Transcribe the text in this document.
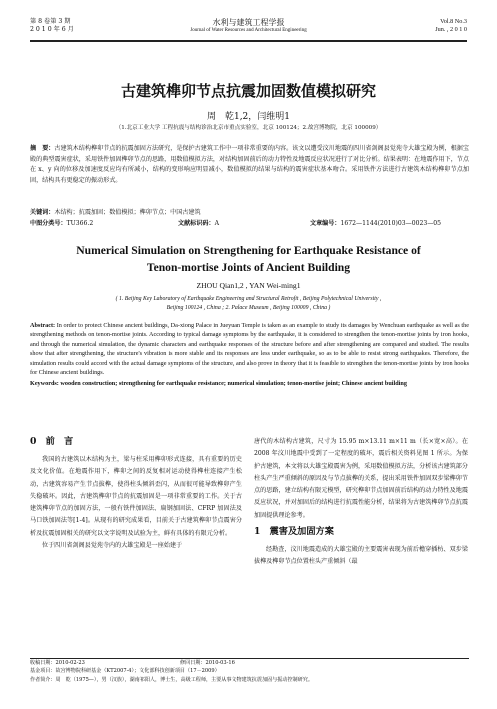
第 8 卷第 3 期
2 0 1 0 年 6 月
水利与建筑工程学报
Journal of Water Resources and Architectural Engineering
Vol.8 No.3
Jun. , 2 0 1 0
古建筑榫卯节点抗震加固数值模拟研究
周　乾1,2，闫维明1
（1.北京工业大学 工程抗震与结构诊治北京市重点实验室，北京 100124；2.故宫博物院，北京 100009）
摘　要：古建筑木结构榫卯节点的抗震加固方法研究，是保护古建筑工作中一项非常重要的内容。该文以遭受汶川地震的四川省剑阁县觉苑寺大雄宝殿为例，根据宝殿的典型震害症状，采用铁件加固榫卯节点的思路，用数值模拟方法，对结构加固前后的动力特性及地震反应状况进行了对比分析。结果表明：在地震作用下，节点在 x、y 向的位移及加速度反应均有所减小，结构的变形响应明显减小，数值模拟的结果与结构的震害症状基本吻合。采用铁件方法进行古建筑木结构榫卯节点加固，结构具有更稳定的振动形式。
关键词：木结构；抗震加固；数值模拟；榫卯节点；中国古建筑
中图分类号：TU366.2	文献标识码：A	文章编号：1672—1144(2010)03—0023—05
Numerical Simulation on Strengthening for Earthquake Resistance of
Tenon-mortise Joints of Ancient Building
ZHOU Qian1,2 , YAN Wei-ming1
( 1. Beijing Key Laboratory of Earthquake Engineering and Structural Retrofit , Beijing Polytechnical University ,
Beijing 100124 , China ; 2. Palace Museum , Beijing 100009 , China )
Abstract: In order to protect Chinese ancient buildings, Da-xiong Palace in Jueyuan Temple is taken as an example to study its damages by Wenchuan earthquake as well as the strengthening methods on tenon-mortise joints. According to typical damage symptoms by the earthquake, it is considered to strengthen the tenon-mortise joints by iron hooks, and through the numerical simulation, the dynamic characters and earthquake responses of the structure before and after strengthening are compared and studied. The results show that after strengthening, the structure's vibration is more stable and its responses are less under earthquake, so as to be able to resist strong earthquakes. Therefore, the simulation results could accord with the actual damage symptoms of the structure, and also prove in theory that it is feasible to strengthen the tenon-mortise joints by iron hooks for Chinese ancient buildings.
Keywords: wooden construction; strengthening for earthquake resistance; numerical simulation; tenon-mortise joint; Chinese ancient building
0　前　言

我国的古建筑以木结构为主，梁与柱采用榫卯形式连接，具有重要的历史及文化价值。在地震作用下，榫卯之间的反复相对运动使得榫柱连接产生松动，古建筑容易产生节点拔榫，使得柱头倾斜歪闪，从而很可能导致榫卯产生失稳破坏。因此，古建筑榫卯节点的抗震加固是一项非常重要的工作。关于古建筑榫卯节点的加固方法，一般有铁件加固法、扁钢加固法、CFRP 加固法及马口铁加固法等[1-4]。从现有的研究成果看，目前关于古建筑榫卯节点震害分析及抗震加固相关的研究以文字说明及试验为主，鲜有具体的有限元分析。

位于四川省剑阁县觉苑寺内的大雄宝殿是一座始建于

唐代的木结构古建筑，尺寸为 15.95 m×13.11 m×11 m（长×宽×高）。在 2008 年汶川地震中受到了一定程度的破坏，震后相关资料见图 1 所示。为保护古建筑，本文将以大雄宝殿震害为例，采用数值模拟方法，分析该古建筑部分柱头产生严重倾斜的原因及与节点拔榫的关系，提出采用铁件加固双步梁榫卯节点的思路，建立结构有限元模型，研究榫卯节点加固前后结构的动力特性及地震反应状况，并对加固后的结构进行抗震性能分析，结果将为古建筑榫卯节点抗震加固提供理论参考。

1　震害及加固方案

经勘查，汶川地震造成的大雄宝殿的主要震害表现为前后檐穿插枋、双步梁拔榫及榫卯节点位置柱头产重倾斜（最

收稿日期：2010-02-23	修回日期：2010-03-16
基金项目：故宫博物院科研基金（KT2007-4）；文化部科技创新项目（17－2009）
作者简介：周　乾（1975—），男（汉族），湖南祁阳人，博士生，高级工程师，主要从事文物建筑抗震加固与振动控制研究。
